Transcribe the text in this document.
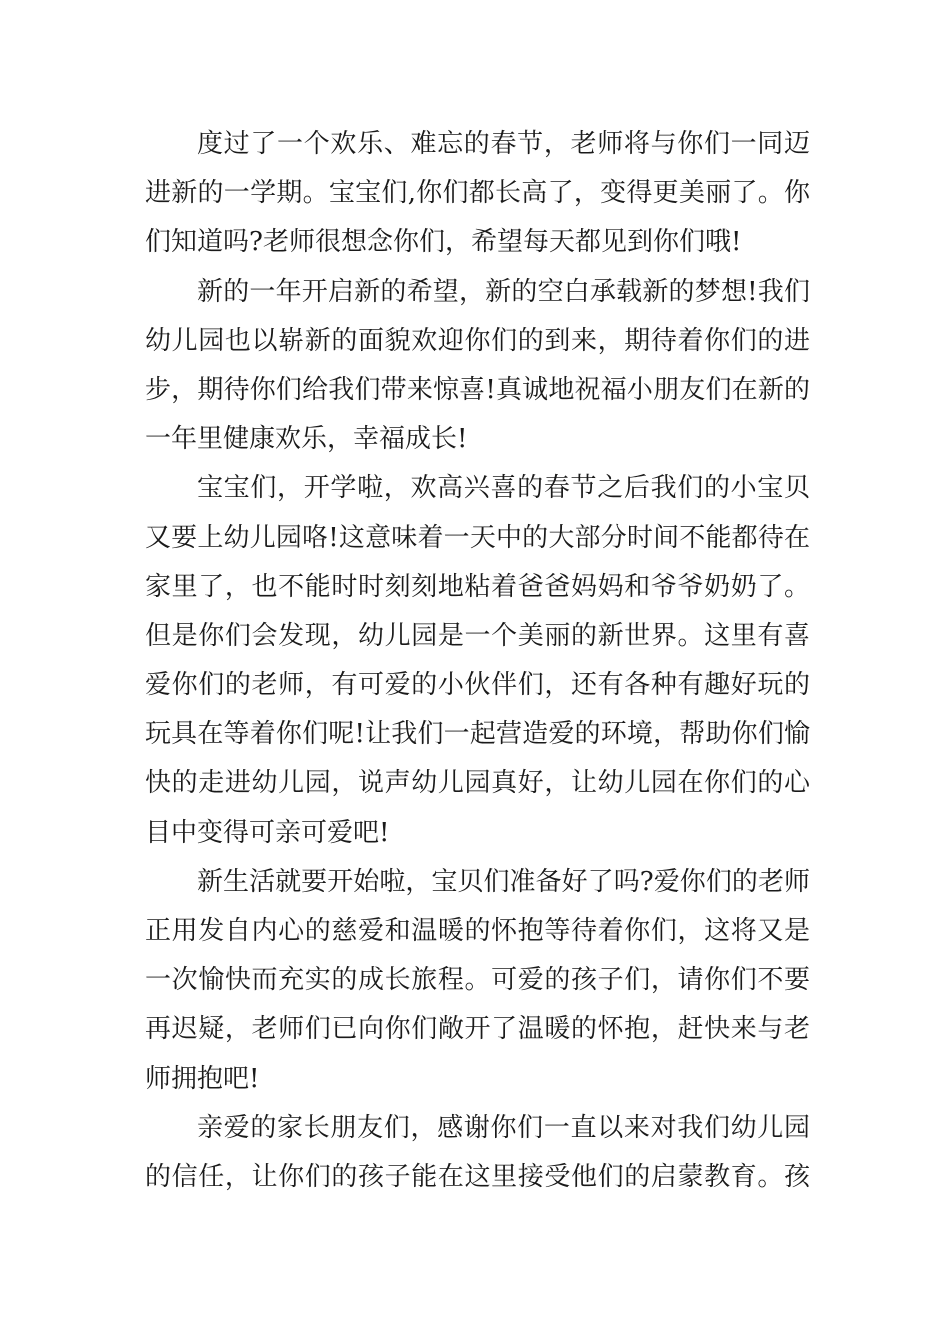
度过了一个欢乐、难忘的春节，老师将与你们一同迈
进新的一学期。宝宝们,你们都长高了，变得更美丽了。你
们知道吗?老师很想念你们，希望每天都见到你们哦!
新的一年开启新的希望，新的空白承载新的梦想!我们
幼儿园也以崭新的面貌欢迎你们的到来，期待着你们的进
步，期待你们给我们带来惊喜!真诚地祝福小朋友们在新的
一年里健康欢乐，幸福成长!
宝宝们，开学啦，欢高兴喜的春节之后我们的小宝贝
又要上幼儿园咯!这意味着一天中的大部分时间不能都待在
家里了，也不能时时刻刻地粘着爸爸妈妈和爷爷奶奶了。
但是你们会发现，幼儿园是一个美丽的新世界。这里有喜
爱你们的老师，有可爱的小伙伴们，还有各种有趣好玩的
玩具在等着你们呢!让我们一起营造爱的环境，帮助你们愉
快的走进幼儿园，说声幼儿园真好，让幼儿园在你们的心
目中变得可亲可爱吧!
新生活就要开始啦，宝贝们准备好了吗?爱你们的老师
正用发自内心的慈爱和温暖的怀抱等待着你们，这将又是
一次愉快而充实的成长旅程。可爱的孩子们，请你们不要
再迟疑，老师们已向你们敞开了温暖的怀抱，赶快来与老
师拥抱吧!
亲爱的家长朋友们，感谢你们一直以来对我们幼儿园
的信任，让你们的孩子能在这里接受他们的启蒙教育。孩
